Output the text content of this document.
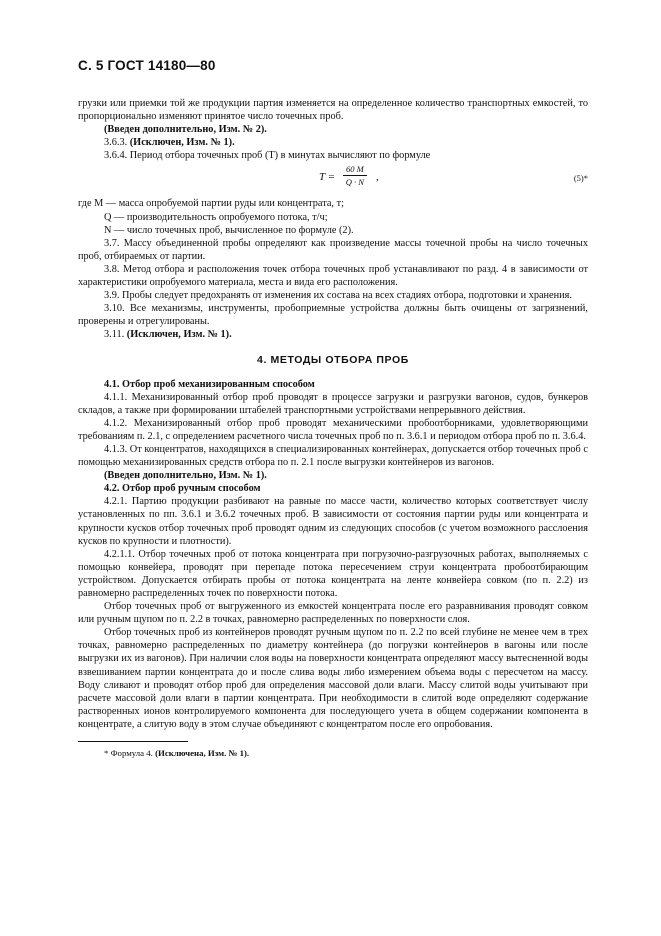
С. 5 ГОСТ 14180—80

грузки или приемки той же продукции партия изменяется на определенное количество транспортных емкостей, то пропорционально изменяют принятое число точечных проб.

(Введен дополнительно, Изм. № 2).

3.6.3. (Исключен, Изм. № 1).

3.6.4. Период отбора точечных проб (T) в минутах вычисляют по формуле

$T = \frac{60 M}{Q \cdot N}$ ,	(5)*

где M — масса опробуемой партии руды или концентрата, т;

Q — производительность опробуемого потока, т/ч;

N — число точечных проб, вычисленное по формуле (2).

3.7. Массу объединенной пробы определяют как произведение массы точечной пробы на число точечных проб, отбираемых от партии.

3.8. Метод отбора и расположения точек отбора точечных проб устанавливают по разд. 4 в зависимости от характеристики опробуемого материала, места и вида его расположения.

3.9. Пробы следует предохранять от изменения их состава на всех стадиях отбора, подготовки и хранения.

3.10. Все механизмы, инструменты, пробоприемные устройства должны быть очищены от загрязнений, проверены и отрегулированы.

3.11. (Исключен, Изм. № 1).

4. МЕТОДЫ ОТБОРА ПРОБ

4.1. Отбор проб механизированным способом

4.1.1. Механизированный отбор проб проводят в процессе загрузки и разгрузки вагонов, судов, бункеров складов, а также при формировании штабелей транспортными устройствами непрерывного действия.

4.1.2. Механизированный отбор проб проводят механическими пробоотборниками, удовлетворяющими требованиям п. 2.1, с определением расчетного числа точечных проб по п. 3.6.1 и периодом отбора проб по п. 3.6.4.

4.1.3. От концентратов, находящихся в специализированных контейнерах, допускается отбор точечных проб с помощью механизированных средств отбора по п. 2.1 после выгрузки контейнеров из вагонов.

(Введен дополнительно, Изм. № 1).

4.2. Отбор проб ручным способом

4.2.1. Партию продукции разбивают на равные по массе части, количество которых соответствует числу установленных по пп. 3.6.1 и 3.6.2 точечных проб. В зависимости от состояния партии руды или концентрата и крупности кусков отбор точечных проб проводят одним из следующих способов (с учетом возможного расслоения кусков по крупности и плотности).

4.2.1.1. Отбор точечных проб от потока концентрата при погрузочно-разгрузочных работах, выполняемых с помощью конвейера, проводят при перепаде потока пересечением струи концентрата пробоотбирающим устройством. Допускается отбирать пробы от потока концентрата на ленте конвейера совком (по п. 2.2) из равномерно распределенных точек по поверхности потока.

Отбор точечных проб от выгруженного из емкостей концентрата после его разравнивания проводят совком или ручным щупом по п. 2.2 в точках, равномерно распределенных по поверхности слоя.

Отбор точечных проб из контейнеров проводят ручным щупом по п. 2.2 по всей глубине не менее чем в трех точках, равномерно распределенных по диаметру контейнера (до погрузки контейнеров в вагоны или после выгрузки их из вагонов). При наличии слоя воды на поверхности концентрата определяют массу вытесненной воды взвешиванием партии концентрата до и после слива воды либо измерением объема воды с пересчетом на массу. Воду сливают и проводят отбор проб для определения массовой доли влаги. Массу слитой воды учитывают при расчете массовой доли влаги в партии концентрата. При необходимости в слитой воде определяют содержание растворенных ионов контролируемого компонента для последующего учета в общем содержании компонента в концентрате, а слитую воду в этом случае объединяют с концентратом после его опробования.

* Формула 4. (Исключена, Изм. № 1).
